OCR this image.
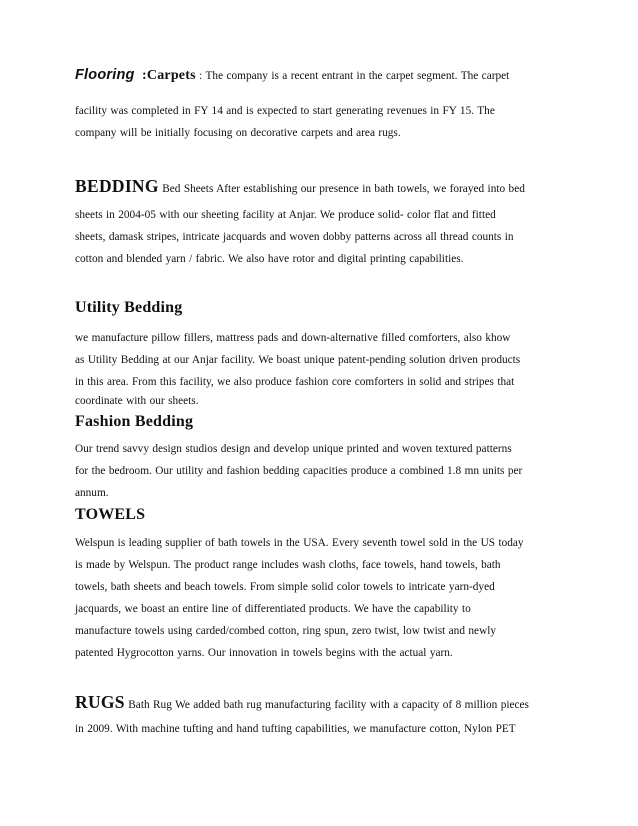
Flooring :Carpets : The company is a recent entrant in the carpet segment. The carpet
facility was completed in FY 14 and is expected to start generating revenues in FY 15. The
company will be initially focusing on decorative carpets and area rugs.
BEDDING Bed Sheets After establishing our presence in bath towels, we forayed into bed
sheets in 2004-05 with our sheeting facility at Anjar. We produce solid- color flat and fitted
sheets, damask stripes, intricate jacquards and woven dobby patterns across all thread counts in
cotton and blended yarn / fabric. We also have rotor and digital printing capabilities.
Utility Bedding
we manufacture pillow fillers, mattress pads and down-alternative filled comforters, also khow
as Utility Bedding at our Anjar facility. We boast unique patent-pending solution driven products
in this area. From this facility, we also produce fashion core comforters in solid and stripes that
coordinate with our sheets.
Fashion Bedding
Our trend savvy design studios design and develop unique printed and woven textured patterns
for the bedroom. Our utility and fashion bedding capacities produce a combined 1.8 mn units per
annum.
TOWELS
Welspun is leading supplier of bath towels in the USA. Every seventh towel sold in the US today
is made by Welspun. The product range includes wash cloths, face towels, hand towels, bath
towels, bath sheets and beach towels. From simple solid color towels to intricate yarn-dyed
jacquards, we boast an entire line of differentiated products. We have the capability to
manufacture towels using carded/combed cotton, ring spun, zero twist, low twist and newly
patented Hygrocotton yarns. Our innovation in towels begins with the actual yarn.
RUGS Bath Rug We added bath rug manufacturing facility with a capacity of 8 million pieces
in 2009. With machine tufting and hand tufting capabilities, we manufacture cotton, Nylon PET
